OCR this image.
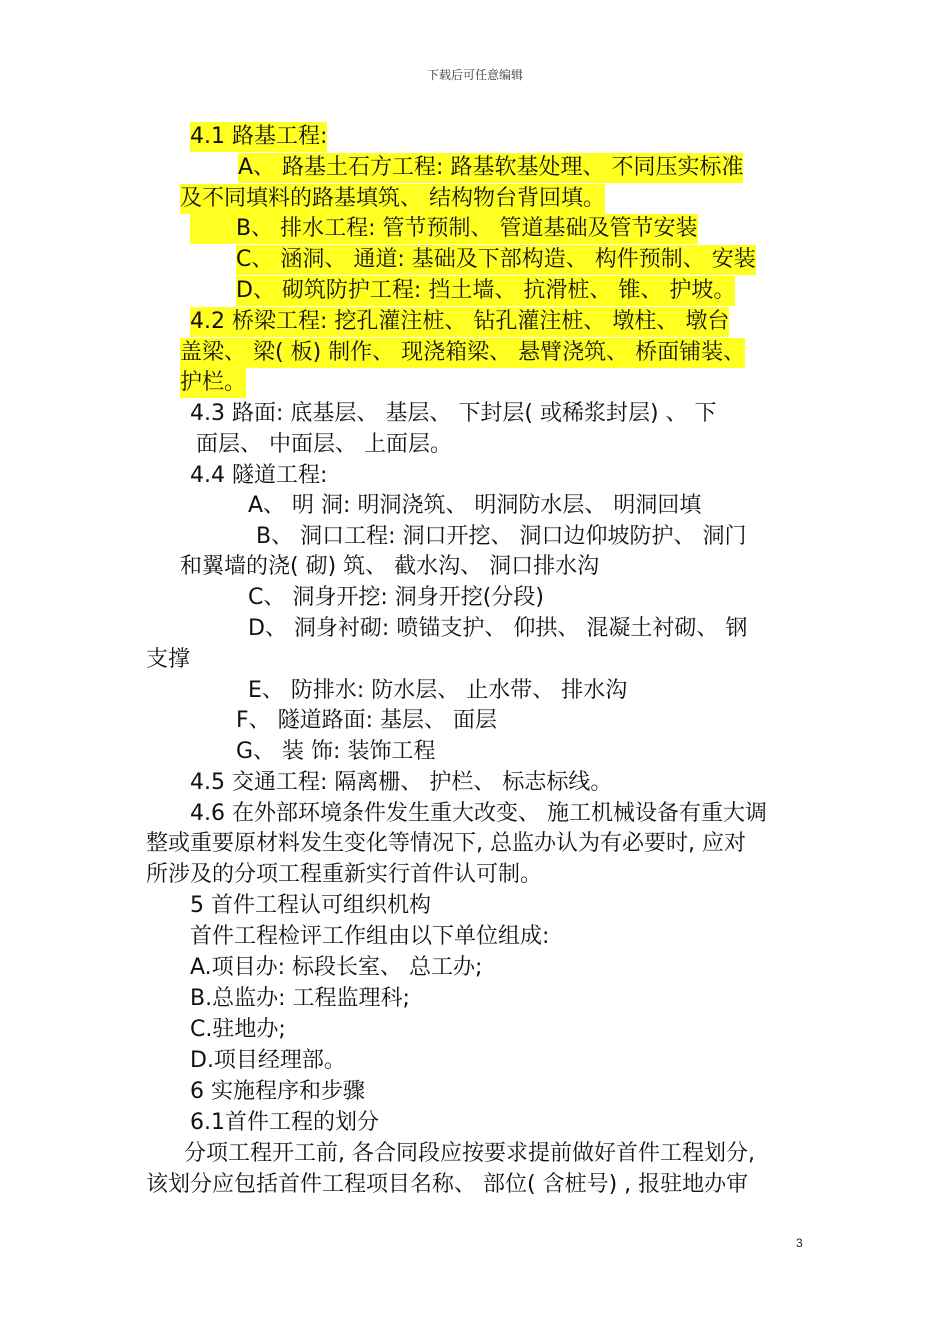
下载后可任意编辑
4.1 路基工程:
A、 路基土石方工程: 路基软基处理、 不同压实标准
及不同填料的路基填筑、 结构物台背回填。
B、 排水工程: 管节预制、 管道基础及管节安装
C、 涵洞、 通道: 基础及下部构造、 构件预制、 安装
D、 砌筑防护工程: 挡土墙、 抗滑桩、 锥、 护坡。
4.2 桥梁工程: 挖孔灌注桩、 钻孔灌注桩、 墩柱、 墩台
盖梁、 梁( 板) 制作、 现浇箱梁、 悬臂浇筑、 桥面铺装、
护栏。
4.3 路面: 底基层、 基层、 下封层( 或稀浆封层) 、 下
面层、 中面层、 上面层。
4.4 隧道工程:
A、 明 洞: 明洞浇筑、 明洞防水层、 明洞回填
B、 洞口工程: 洞口开挖、 洞口边仰坡防护、 洞门
和翼墙的浇( 砌) 筑、 截水沟、 洞口排水沟
C、 洞身开挖: 洞身开挖(分段)
D、 洞身衬砌: 喷锚支护、 仰拱、 混凝土衬砌、 钢
支撑
E、 防排水: 防水层、 止水带、 排水沟
F、 隧道路面: 基层、 面层
G、 装 饰: 装饰工程
4.5 交通工程: 隔离栅、 护栏、 标志标线。
4.6 在外部环境条件发生重大改变、 施工机械设备有重大调
整或重要原材料发生变化等情况下, 总监办认为有必要时, 应对
所涉及的分项工程重新实行首件认可制。
5 首件工程认可组织机构
首件工程检评工作组由以下单位组成:
A.项目办: 标段长室、 总工办;
B.总监办: 工程监理科;
C.驻地办;
D.项目经理部。
6 实施程序和步骤
6.1首件工程的划分
分项工程开工前, 各合同段应按要求提前做好首件工程划分,
该划分应包括首件工程项目名称、 部位( 含桩号) , 报驻地办审
3
